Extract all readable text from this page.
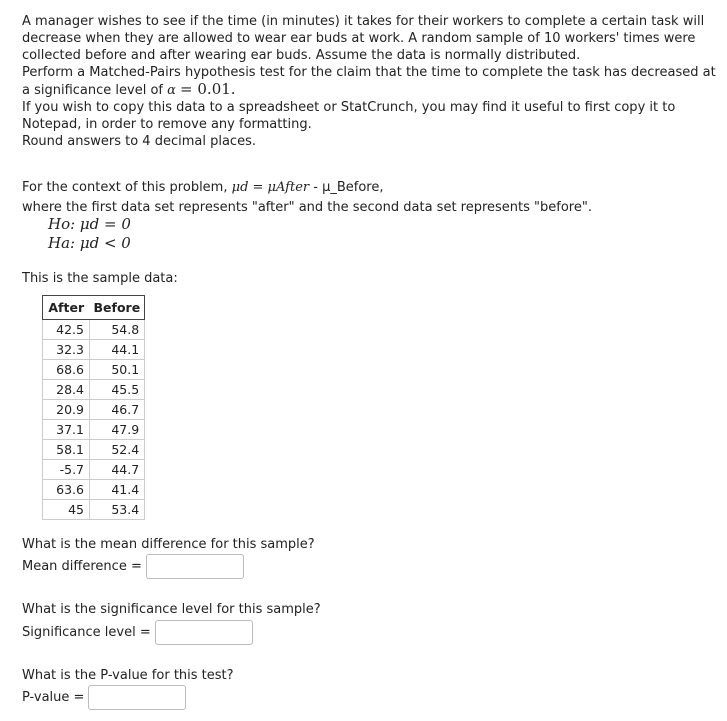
A manager wishes to see if the time (in minutes) it takes for their workers to complete a certain task will decrease when they are allowed to wear ear buds at work. A random sample of 10 workers' times were collected before and after wearing ear buds. Assume the data is normally distributed.

Perform a Matched-Pairs hypothesis test for the claim that the time to complete the task has decreased at a significance level of α = 0.01.

If you wish to copy this data to a spreadsheet or StatCrunch, you may find it useful to first copy it to Notepad, in order to remove any formatting.

Round answers to 4 decimal places.

For the context of this problem, μd = μAfter - μ_Before,

where the first data set represents "after" and the second data set represents "before".

Ho: μd = 0
Ha: μd < 0
This is the sample data:
After	Before
42.5	54.8
32.3	44.1
68.6	50.1
28.4	45.5
20.9	46.7
37.1	47.9
58.1	52.4
-5.7	44.7
63.6	41.4
45	53.4
What is the mean difference for this sample?
Mean difference =
What is the significance level for this sample?
Significance level =
What is the P-value for this test?
P-value =
